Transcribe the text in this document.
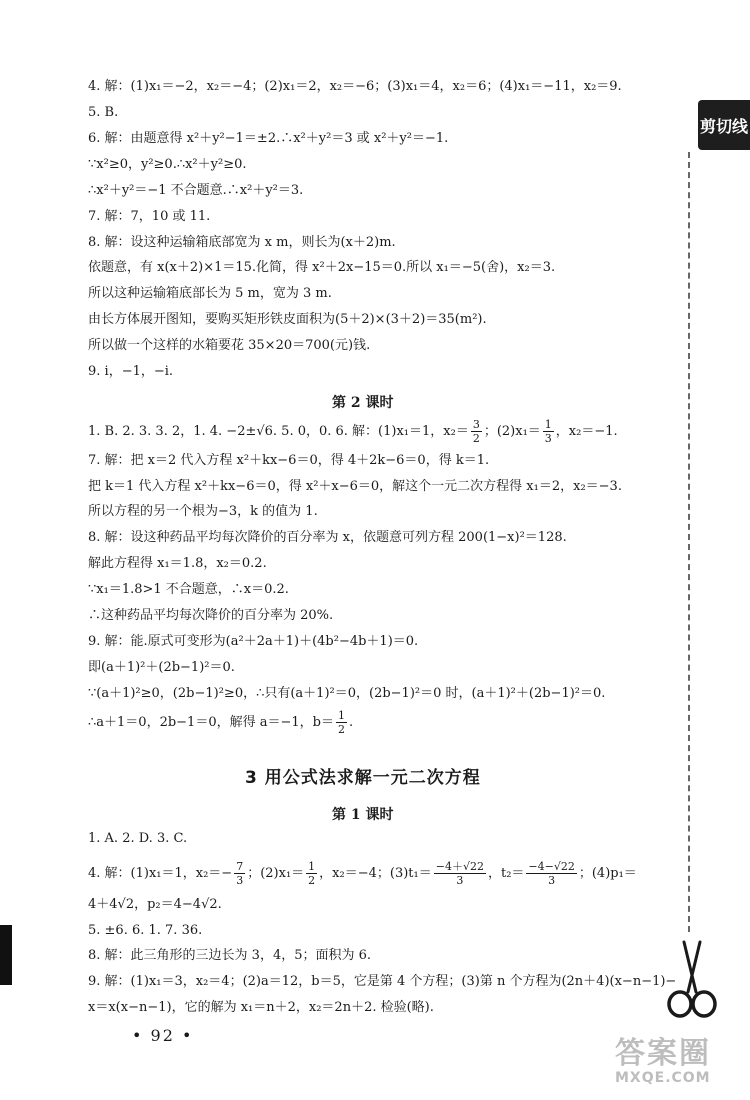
剪切线
4. 解：(1)x₁＝−2，x₂＝−4；(2)x₁＝2，x₂＝−6；(3)x₁＝4，x₂＝6；(4)x₁＝−11，x₂＝9.
5. B.
6. 解：由题意得 x²＋y²−1＝±2.∴x²＋y²＝3 或 x²＋y²＝−1.
∵x²≥0，y²≥0.∴x²＋y²≥0.
∴x²＋y²＝−1 不合题意.∴x²＋y²＝3.
7. 解：7，10 或 11.
8. 解：设这种运输箱底部宽为 x m，则长为(x＋2)m.
依题意，有 x(x＋2)×1＝15.化简，得 x²＋2x−15＝0.所以 x₁＝−5(舍)，x₂＝3.
所以这种运输箱底部长为 5 m，宽为 3 m.
由长方体展开图知，要购买矩形铁皮面积为(5＋2)×(3＋2)＝35(m²).
所以做一个这样的水箱要花 35×20＝700(元)钱.
9. i，−1，−i.
第 2 课时
1. B. 2. 3. 3. 2，1. 4. −2±√6. 5. 0，0. 6. 解：(1)x₁＝1，$x_2= \frac{3}{2}$ ；$(2)x_1= \frac{1}{3}$ ，x₂＝−1.
7. 解：把 x＝2 代入方程 x²＋kx−6＝0，得 4＋2k−6＝0，得 k＝1.
把 k＝1 代入方程 x²＋kx−6＝0，得 x²＋x−6＝0，解这个一元二次方程得 x₁＝2，x₂＝−3.
所以方程的另一个根为−3，k 的值为 1.
8. 解：设这种药品平均每次降价的百分率为 x，依题意可列方程 200(1−x)²＝128.
解此方程得 x₁＝1.8，x₂＝0.2.
∵x₁＝1.8>1 不合题意，∴x＝0.2.
∴这种药品平均每次降价的百分率为 20%.
9. 解：能.原式可变形为(a²＋2a＋1)＋(4b²−4b＋1)＝0.
即(a＋1)²＋(2b−1)²＝0.
∵(a＋1)²≥0，(2b−1)²≥0，∴只有(a＋1)²＝0，(2b−1)²＝0 时，(a＋1)²＋(2b−1)²＝0.
∴a＋1＝0，2b−1＝0，解得 a＝−1，$b= \frac{1}{2}$ .
3 用公式法求解一元二次方程
第 1 课时
1. A. 2. D. 3. C.
4. 解：(1)x₁＝1，$x_2=- \frac{7}{3}$ ；$(2)x_1= \frac{1}{2}$ ，x₂＝−4；$(3)t_1= \frac{-4+√22}{3}$ ，$t_2= \frac{-4-√22}{3}$ ；(4)p₁＝
4＋4√2，p₂＝4−4√2.
5. ±6. 6. 1. 7. 36.
8. 解：此三角形的三边长为 3，4，5；面积为 6.
9. 解：(1)x₁＝3，x₂＝4；(2)a＝12，b＝5，它是第 4 个方程；(3)第 n 个方程为(2n＋4)(x−n−1)−
x＝x(x−n−1)，它的解为 x₁＝n＋2，x₂＝2n＋2. 检验(略).
• 92 •
答案圈
MXQE.COM
